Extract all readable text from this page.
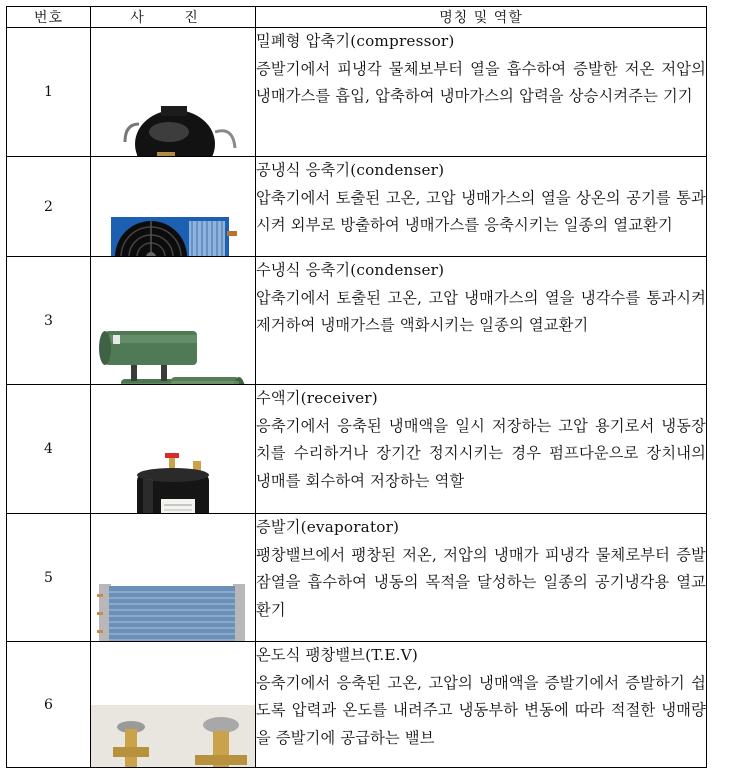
번호	사 진	명칭 및 역할
1		밀폐형 압축기(compressor)
증발기에서 피냉각 물체보부터 열을 흡수하여 증발한 저온 저압의 냉매가스를 흡입, 압축하여 냉마가스의 압력을 상승시켜주는 기기

2		공냉식 응축기(condenser)
압축기에서 토출된 고온, 고압 냉매가스의 열을 상온의 공기를 통과시켜 외부로 방출하여 냉매가스를 응축시키는 일종의 열교환기

3		수냉식 응축기(condenser)
압축기에서 토출된 고온, 고압 냉매가스의 열을 냉각수를 통과시켜 제거하여 냉매가스를 액화시키는 일종의 열교환기

4		수액기(receiver)
응축기에서 응축된 냉매액을 일시 저장하는 고압 용기로서 냉동장치를 수리하거나 장기간 정지시키는 경우 펌프다운으로 장치내의 냉매를 회수하여 저장하는 역할

5		증발기(evaporator)
팽창밸브에서 팽창된 저온, 저압의 냉매가 피냉각 물체로부터 증발잠열을 흡수하여 냉동의 목적을 달성하는 일종의 공기냉각용 열교환기

6		온도식 팽창밸브(T.E.V)
응축기에서 응축된 고온, 고압의 냉매액을 증발기에서 증발하기 쉽도록 압력과 온도를 내려주고 냉동부하 변동에 따라 적절한 냉매량을 증발기에 공급하는 밸브
